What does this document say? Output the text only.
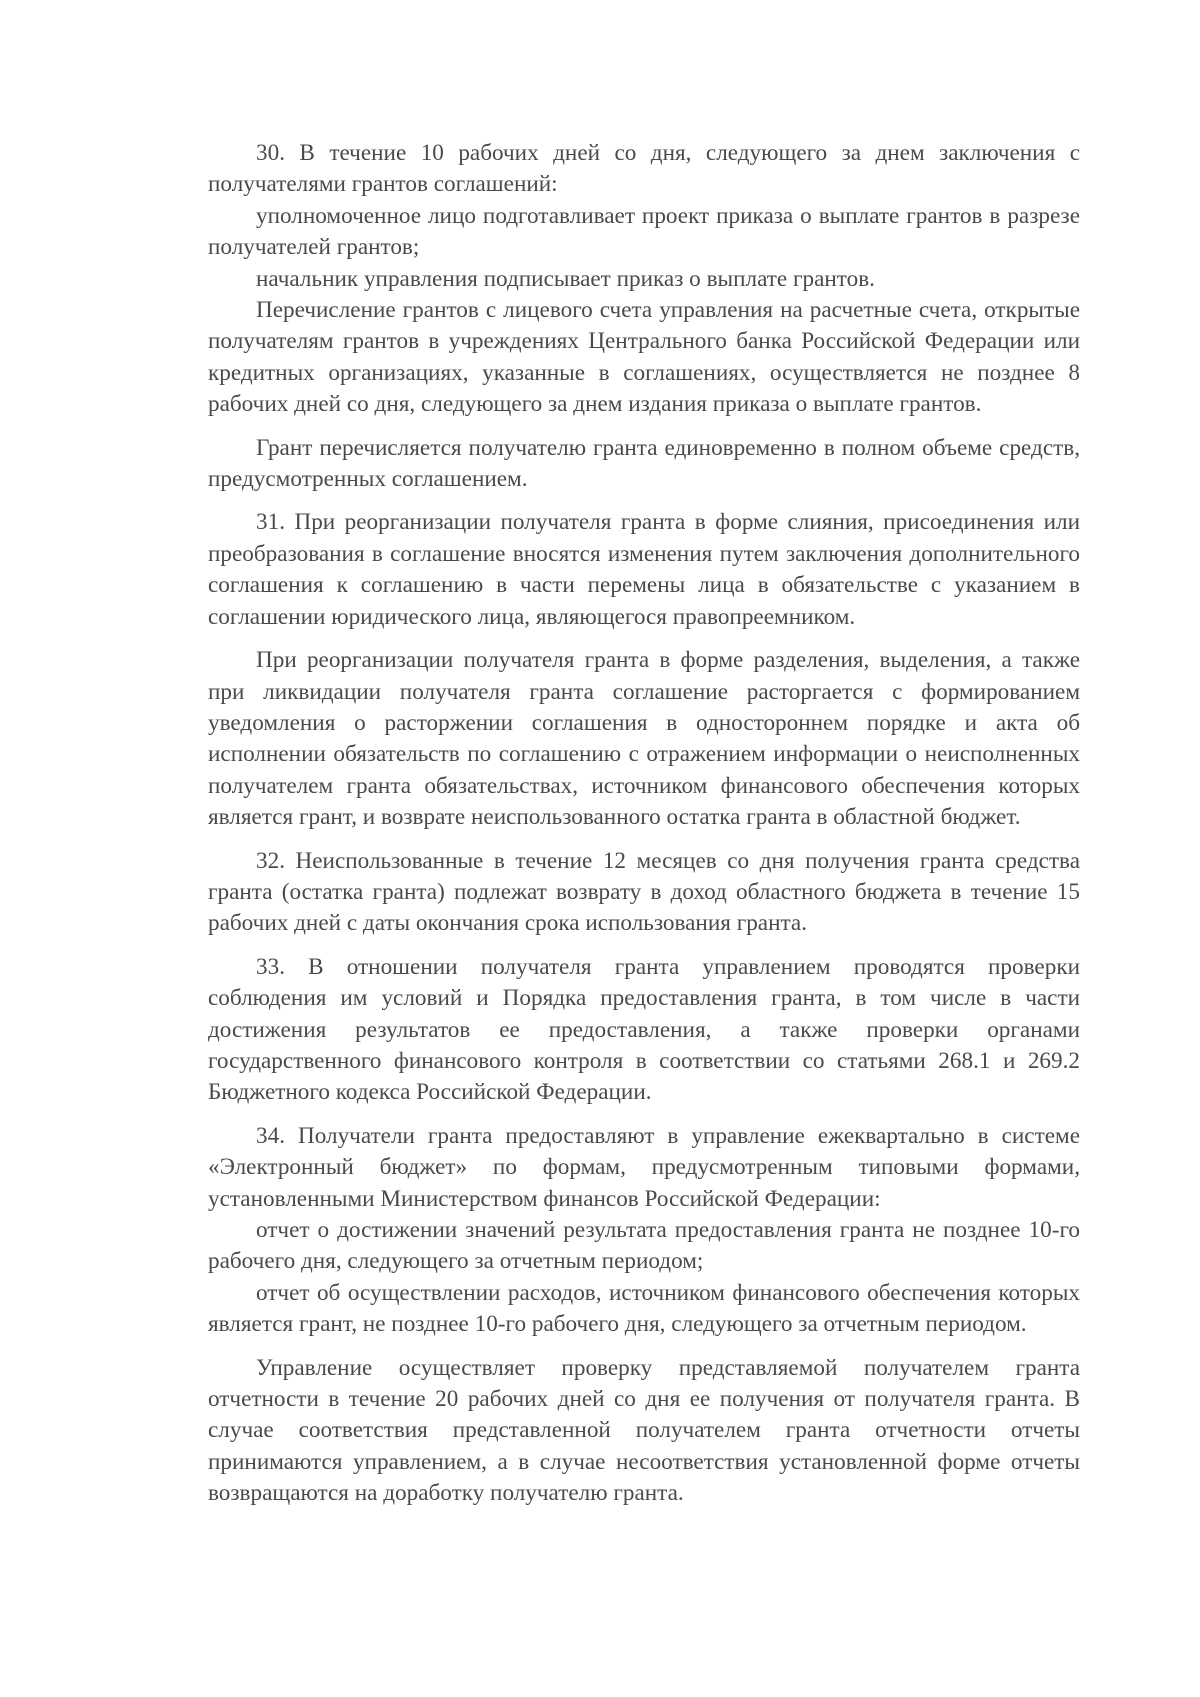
30. В течение 10 рабочих дней со дня, следующего за днем заключения с получателями грантов соглашений:

уполномоченное лицо подготавливает проект приказа о выплате грантов в разрезе получателей грантов;

начальник управления подписывает приказ о выплате грантов.

Перечисление грантов с лицевого счета управления на расчетные счета, открытые получателям грантов в учреждениях Центрального банка Российской Федерации или кредитных организациях, указанные в соглашениях, осуществляется не позднее 8 рабочих дней со дня, следующего за днем издания приказа о выплате грантов.

Грант перечисляется получателю гранта единовременно в полном объеме средств, предусмотренных соглашением.

31. При реорганизации получателя гранта в форме слияния, присоединения или преобразования в соглашение вносятся изменения путем заключения дополнительного соглашения к соглашению в части перемены лица в обязательстве с указанием в соглашении юридического лица, являющегося правопреемником.

При реорганизации получателя гранта в форме разделения, выделения, а также при ликвидации получателя гранта соглашение расторгается с формированием уведомления о расторжении соглашения в одностороннем порядке и акта об исполнении обязательств по соглашению с отражением информации о неисполненных получателем гранта обязательствах, источником финансового обеспечения которых является грант, и возврате неиспользованного остатка гранта в областной бюджет.

32. Неиспользованные в течение 12 месяцев со дня получения гранта средства гранта (остатка гранта) подлежат возврату в доход областного бюджета в течение 15 рабочих дней с даты окончания срока использования гранта.

33. В отношении получателя гранта управлением проводятся проверки соблюдения им условий и Порядка предоставления гранта, в том числе в части достижения результатов ее предоставления, а также проверки органами государственного финансового контроля в соответствии со статьями 268.1 и 269.2 Бюджетного кодекса Российской Федерации.

34. Получатели гранта предоставляют в управление ежеквартально в системе «Электронный бюджет» по формам, предусмотренным типовыми формами, установленными Министерством финансов Российской Федерации:

отчет о достижении значений результата предоставления гранта не позднее 10-го рабочего дня, следующего за отчетным периодом;

отчет об осуществлении расходов, источником финансового обеспечения которых является грант, не позднее 10-го рабочего дня, следующего за отчетным периодом.

Управление осуществляет проверку представляемой получателем гранта отчетности в течение 20 рабочих дней со дня ее получения от получателя гранта. В случае соответствия представленной получателем гранта отчетности отчеты принимаются управлением, а в случае несоответствия установленной форме отчеты возвращаются на доработку получателю гранта.
